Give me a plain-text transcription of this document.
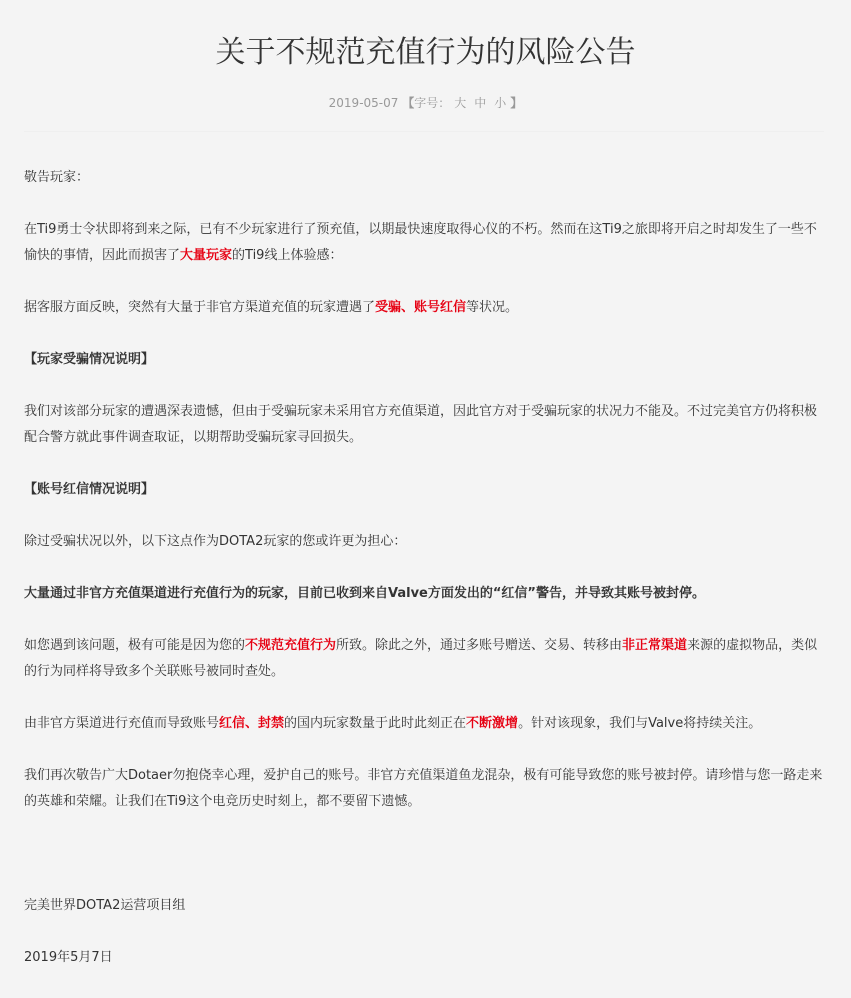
关于不规范充值行为的风险公告
2019-05-07 【字号： 大 中 小 】

敬告玩家：

在Ti9勇士令状即将到来之际，已有不少玩家进行了预充值，以期最快速度取得心仪的不朽。然而在这Ti9之旅即将开启之时却发生了一些不愉快的事情，因此而损害了大量玩家的Ti9线上体验感：

据客服方面反映，突然有大量于非官方渠道充值的玩家遭遇了受骗、账号红信等状况。

【玩家受骗情况说明】

我们对该部分玩家的遭遇深表遗憾，但由于受骗玩家未采用官方充值渠道，因此官方对于受骗玩家的状况力不能及。不过完美官方仍将积极配合警方就此事件调查取证，以期帮助受骗玩家寻回损失。

【账号红信情况说明】

除过受骗状况以外，以下这点作为DOTA2玩家的您或许更为担心：

大量通过非官方充值渠道进行充值行为的玩家，目前已收到来自Valve方面发出的“红信”警告，并导致其账号被封停。

如您遇到该问题，极有可能是因为您的不规范充值行为所致。除此之外，通过多账号赠送、交易、转移由非正常渠道来源的虚拟物品，类似的行为同样将导致多个关联账号被同时查处。

由非官方渠道进行充值而导致账号红信、封禁的国内玩家数量于此时此刻正在不断激增。针对该现象，我们与Valve将持续关注。

我们再次敬告广大Dotaer勿抱侥幸心理，爱护自己的账号。非官方充值渠道鱼龙混杂，极有可能导致您的账号被封停。请珍惜与您一路走来的英雄和荣耀。让我们在Ti9这个电竞历史时刻上，都不要留下遗憾。

完美世界DOTA2运营项目组

2019年5月7日
